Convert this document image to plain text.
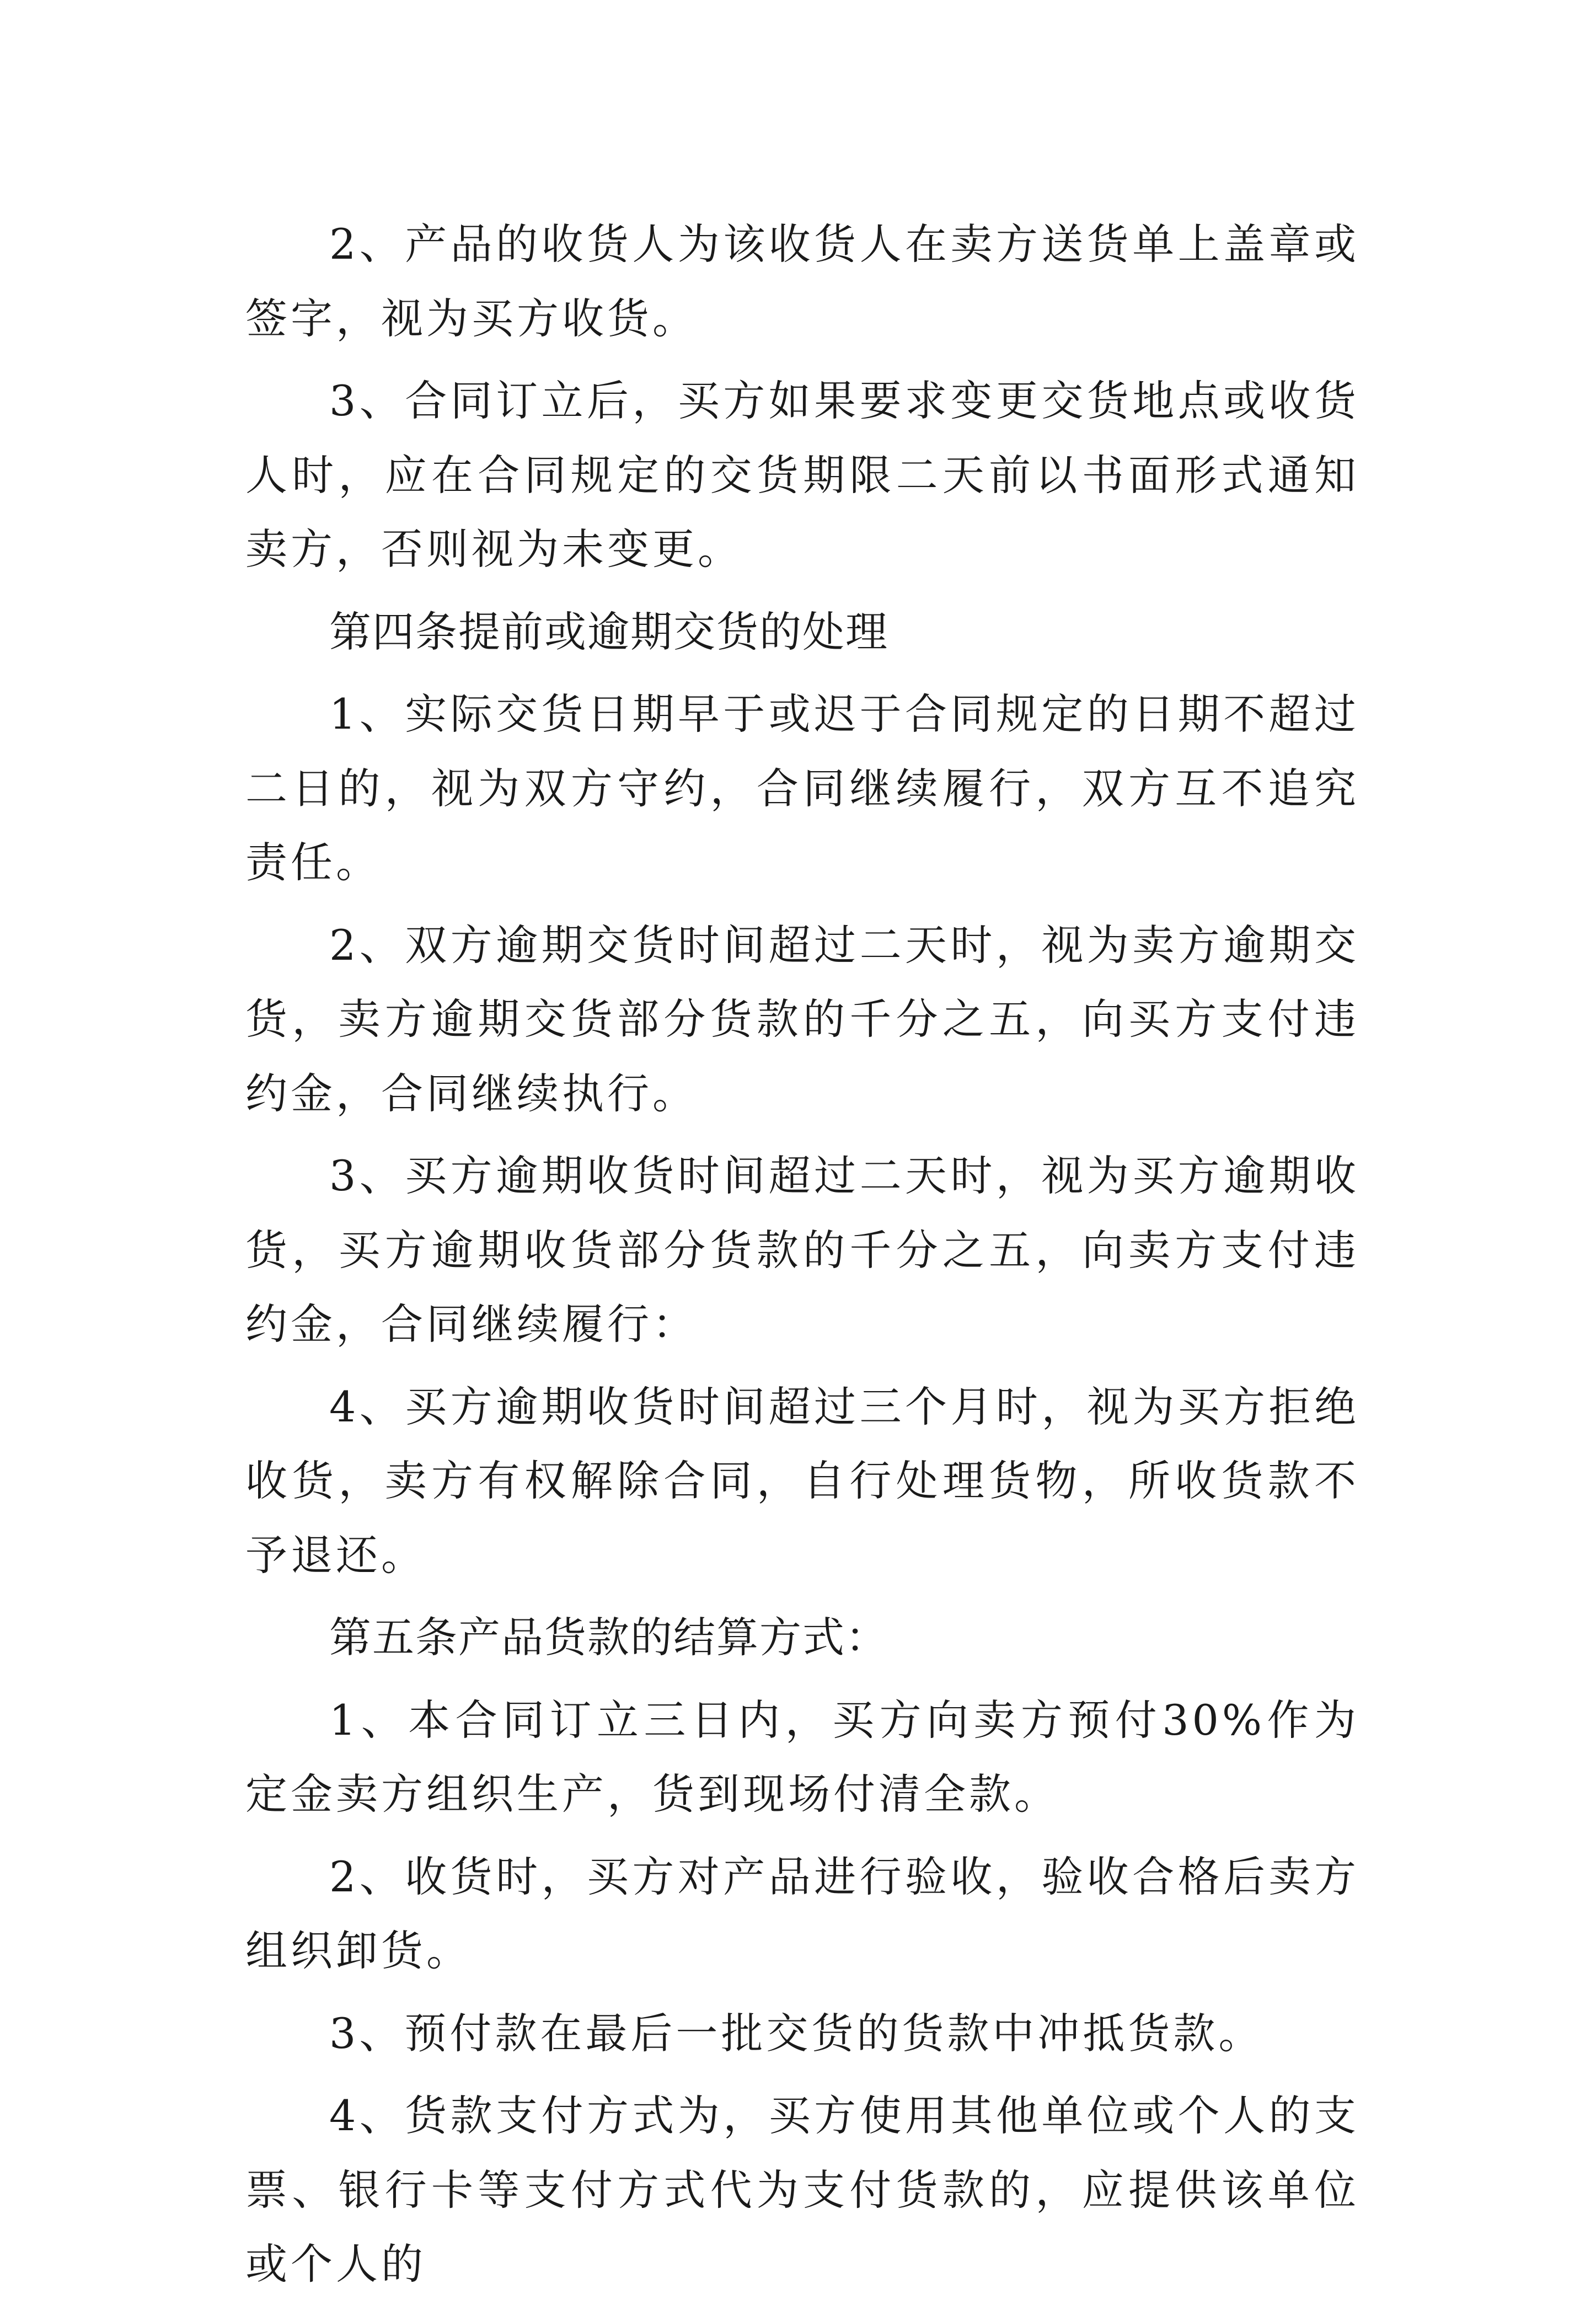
2、产品的收货人为该收货人在卖方送货单上盖章或签字，视为买方收货。

3、合同订立后，买方如果要求变更交货地点或收货人时，应在合同规定的交货期限二天前以书面形式通知卖方，否则视为未变更。

第四条提前或逾期交货的处理

1、实际交货日期早于或迟于合同规定的日期不超过二日的，视为双方守约，合同继续履行，双方互不追究责任。

2、双方逾期交货时间超过二天时，视为卖方逾期交货，卖方逾期交货部分货款的千分之五，向买方支付违约金，合同继续执行。

3、买方逾期收货时间超过二天时，视为买方逾期收货，买方逾期收货部分货款的千分之五，向卖方支付违约金，合同继续履行：

4、买方逾期收货时间超过三个月时，视为买方拒绝收货，卖方有权解除合同，自行处理货物，所收货款不予退还。

第五条产品货款的结算方式：

1、本合同订立三日内，买方向卖方预付30%作为定金卖方组织生产，货到现场付清全款。

2、收货时，买方对产品进行验收，验收合格后卖方组织卸货。

3、预付款在最后一批交货的货款中冲抵货款。

4、货款支付方式为，买方使用其他单位或个人的支票、银行卡等支付方式代为支付货款的，应提供该单位或个人的
